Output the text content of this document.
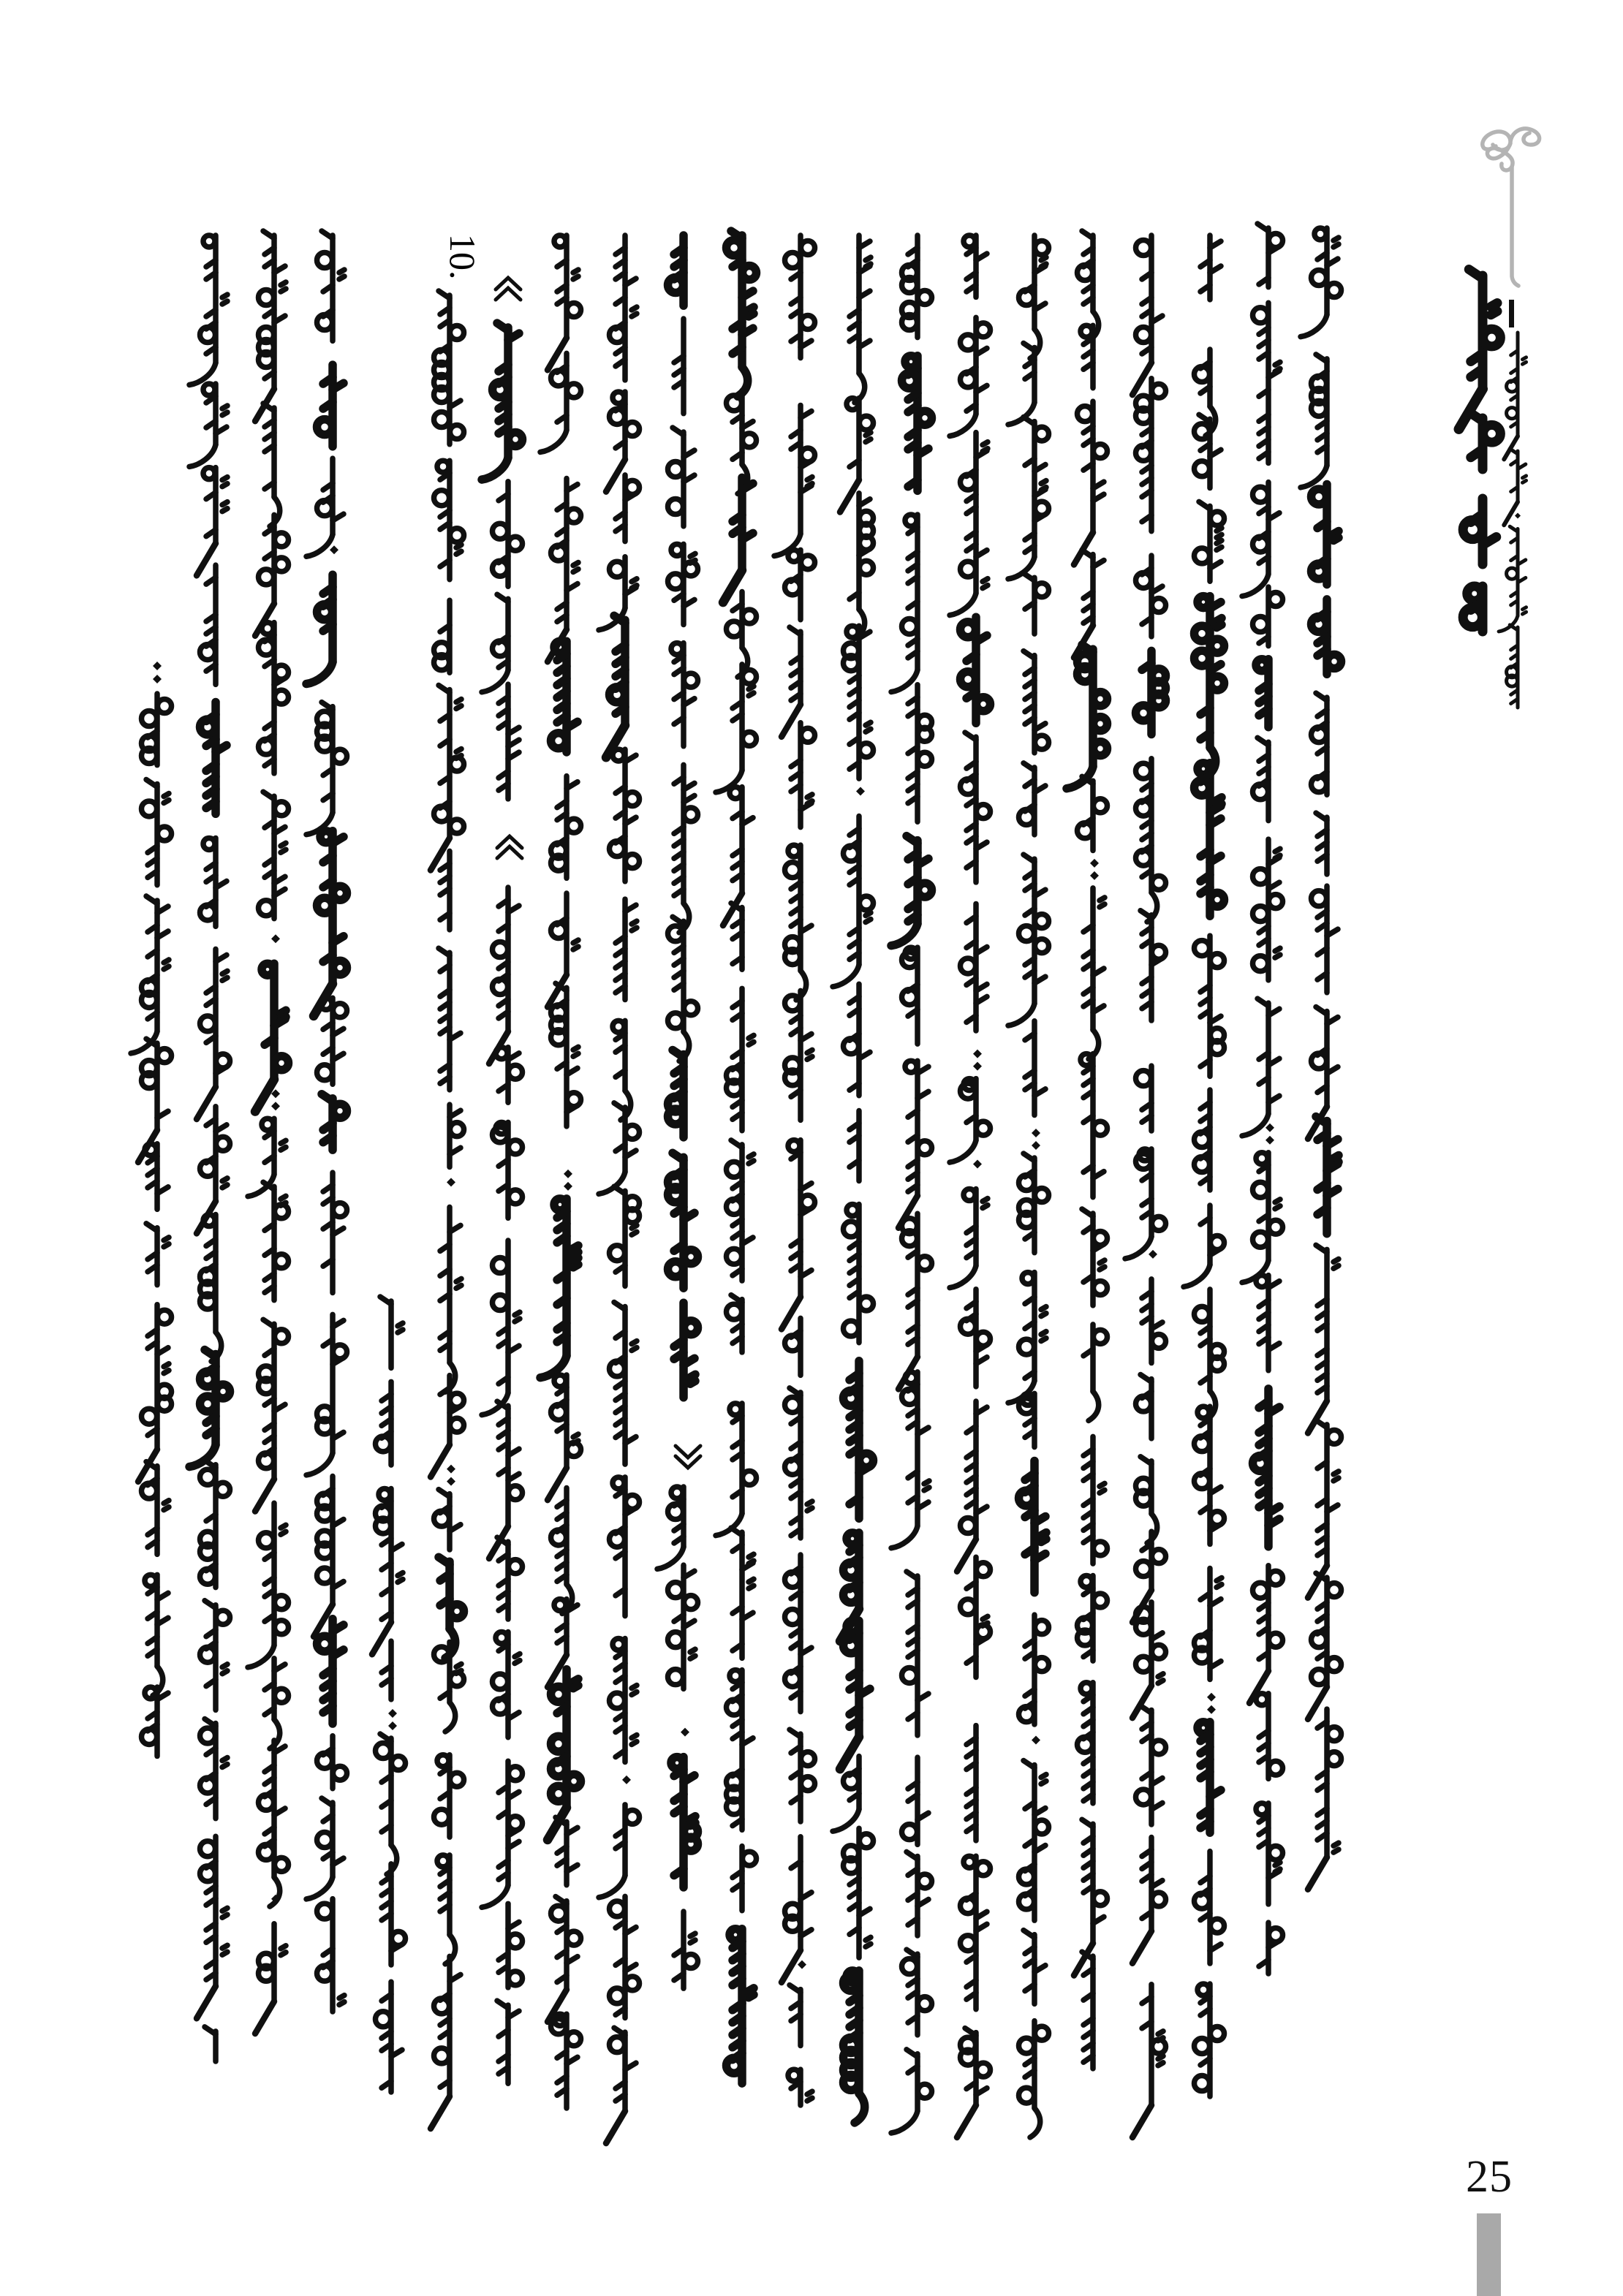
10.
25
